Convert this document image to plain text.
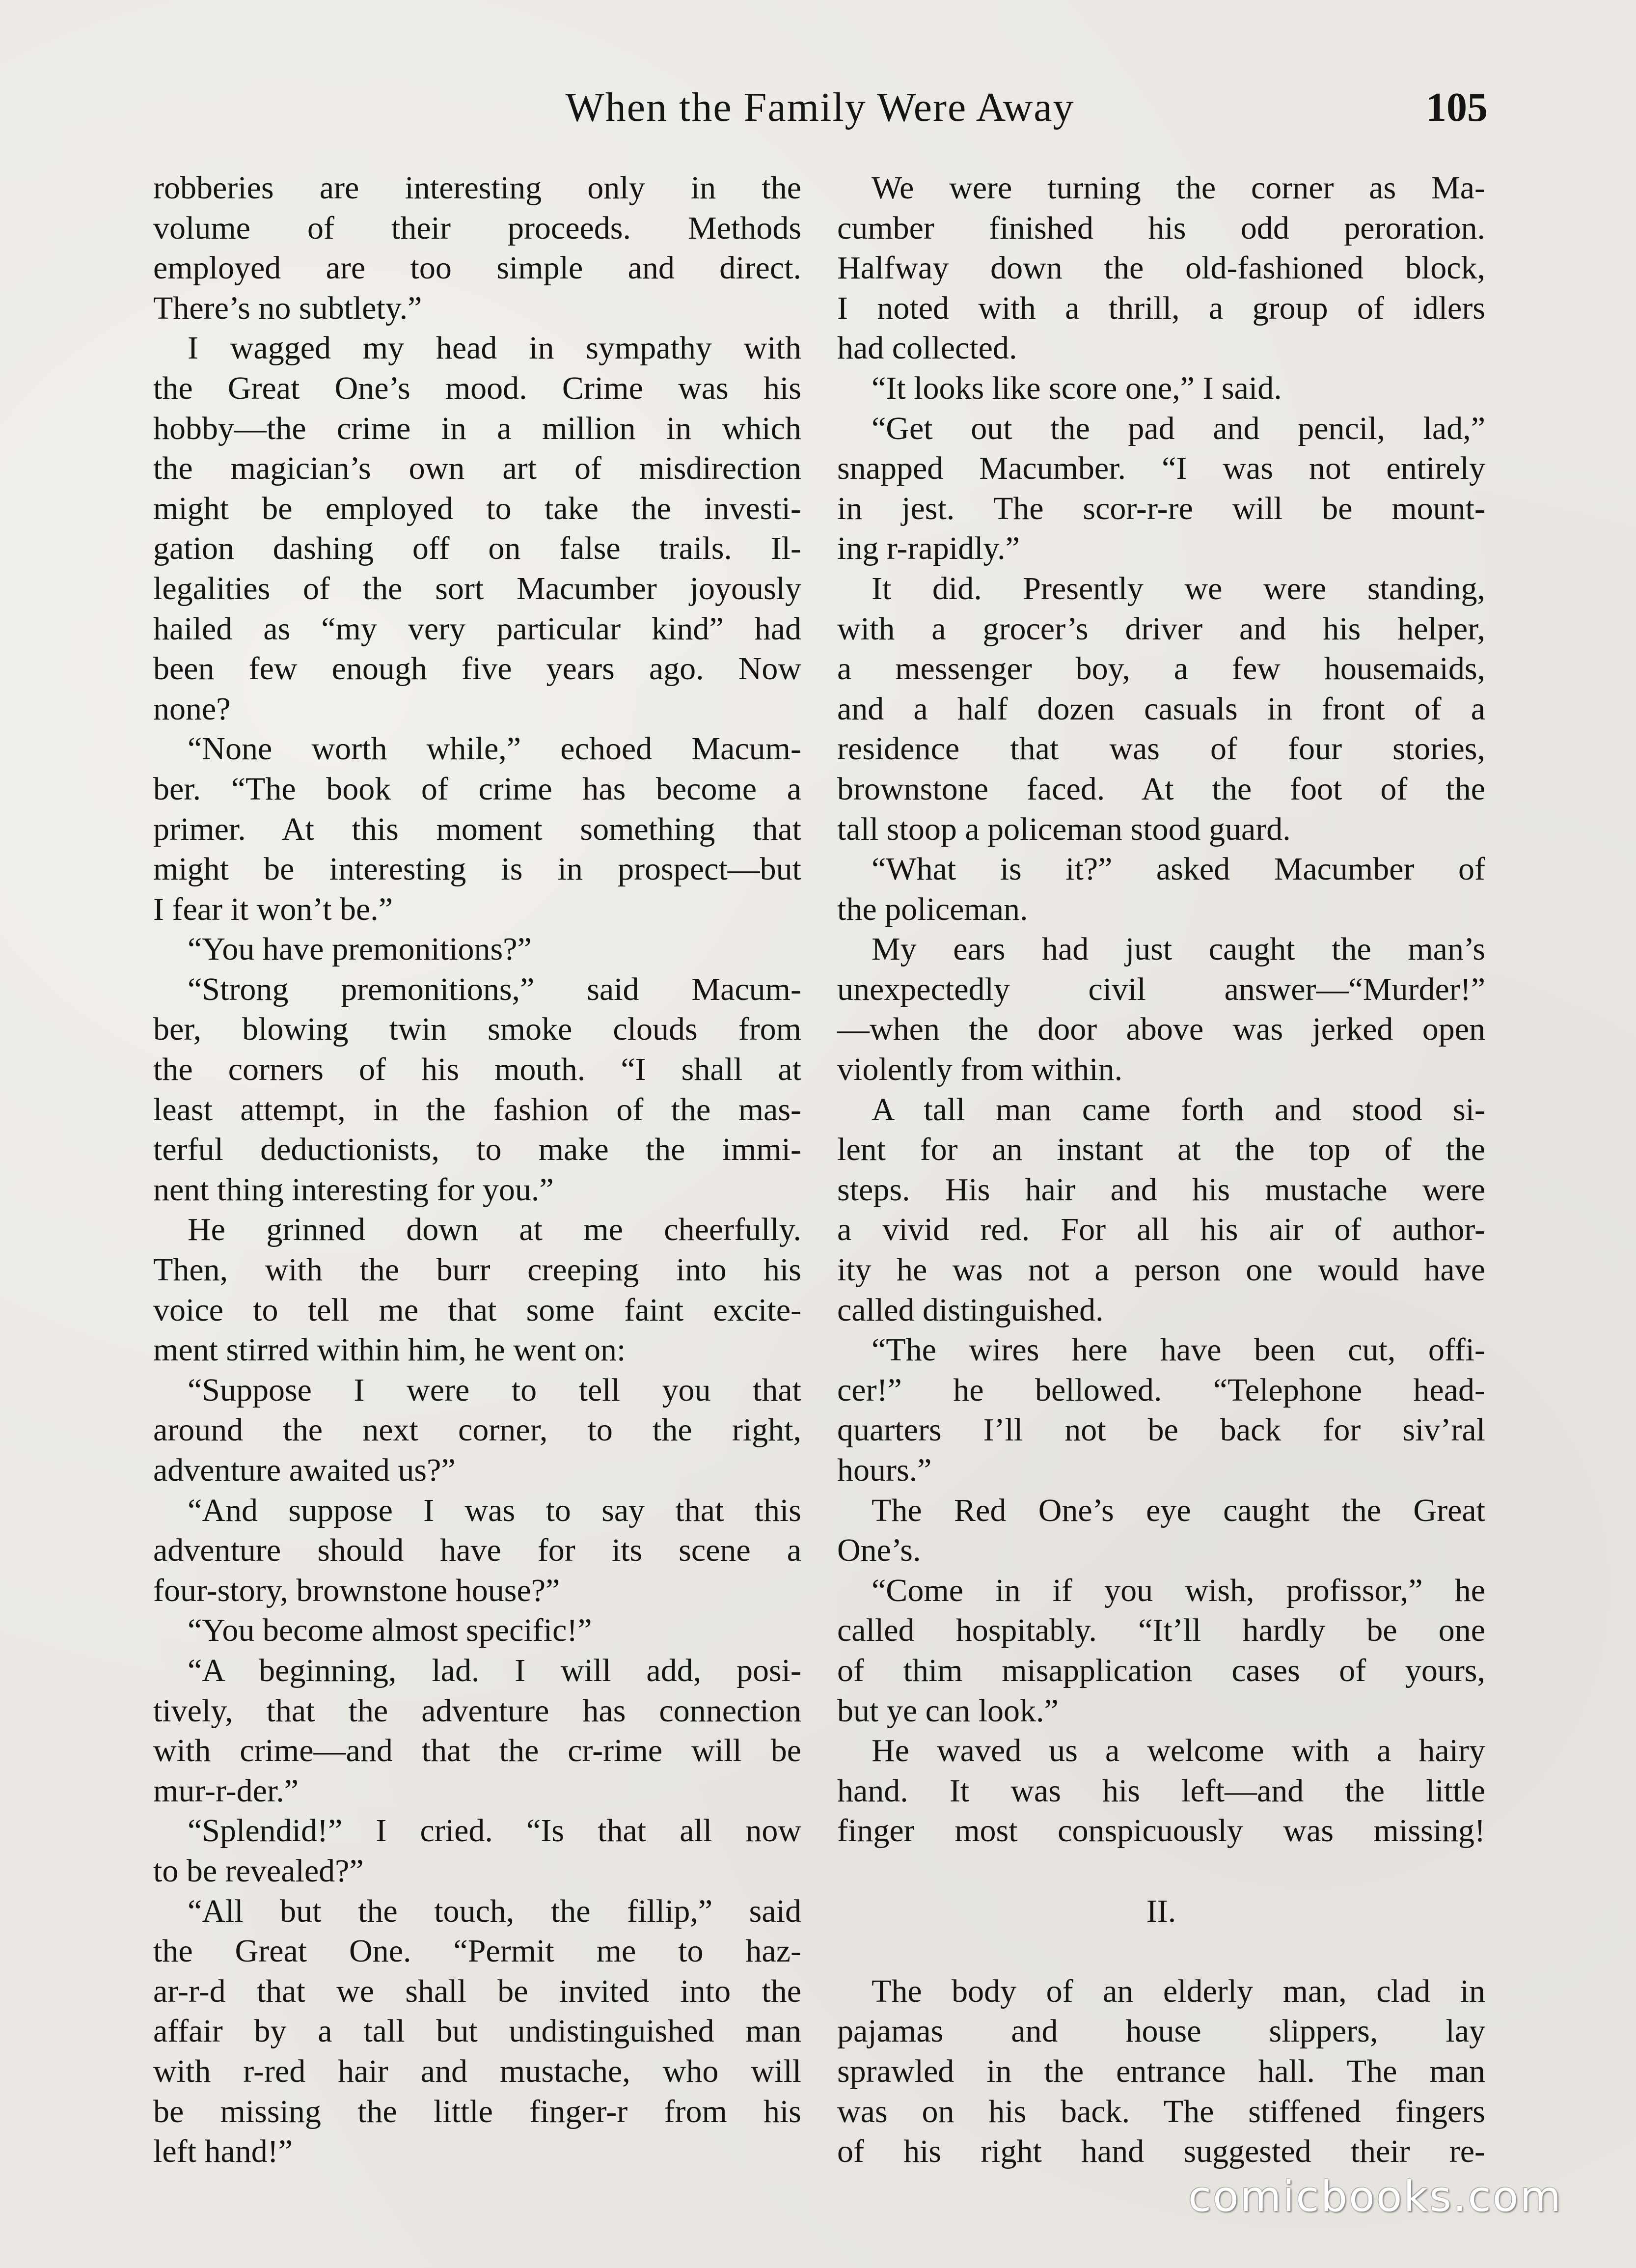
When the Family Were Away	105
robberies are interesting only in the
volume of their proceeds. Methods
employed are too simple and direct.
There’s no subtlety.”
I wagged my head in sympathy with
the Great One’s mood. Crime was his
hobby—the crime in a million in which
the magician’s own art of misdirection
might be employed to take the investi-
gation dashing off on false trails. Il-
legalities of the sort Macumber joyously
hailed as “my very particular kind” had
been few enough five years ago. Now
none?
“None worth while,” echoed Macum-
ber. “The book of crime has become a
primer. At this moment something that
might be interesting is in prospect—but
I fear it won’t be.”
“You have premonitions?”
“Strong premonitions,” said Macum-
ber, blowing twin smoke clouds from
the corners of his mouth. “I shall at
least attempt, in the fashion of the mas-
terful deductionists, to make the immi-
nent thing interesting for you.”
He grinned down at me cheerfully.
Then, with the burr creeping into his
voice to tell me that some faint excite-
ment stirred within him, he went on:
“Suppose I were to tell you that
around the next corner, to the right,
adventure awaited us?”
“And suppose I was to say that this
adventure should have for its scene a
four-story, brownstone house?”
“You become almost specific!”
“A beginning, lad. I will add, posi-
tively, that the adventure has connection
with crime—and that the cr-rime will be
mur-r-der.”
“Splendid!” I cried. “Is that all now
to be revealed?”
“All but the touch, the fillip,” said
the Great One. “Permit me to haz-
ar-r-d that we shall be invited into the
affair by a tall but undistinguished man
with r-red hair and mustache, who will
be missing the little finger-r from his
left hand!”
We were turning the corner as Ma-
cumber finished his odd peroration.
Halfway down the old-fashioned block,
I noted with a thrill, a group of idlers
had collected.
“It looks like score one,” I said.
“Get out the pad and pencil, lad,”
snapped Macumber. “I was not entirely
in jest. The scor-r-re will be mount-
ing r-rapidly.”
It did. Presently we were standing,
with a grocer’s driver and his helper,
a messenger boy, a few housemaids,
and a half dozen casuals in front of a
residence that was of four stories,
brownstone faced. At the foot of the
tall stoop a policeman stood guard.
“What is it?” asked Macumber of
the policeman.
My ears had just caught the man’s
unexpectedly civil answer—“Murder!”
—when the door above was jerked open
violently from within.
A tall man came forth and stood si-
lent for an instant at the top of the
steps. His hair and his mustache were
a vivid red. For all his air of author-
ity he was not a person one would have
called distinguished.
“The wires here have been cut, offi-
cer!” he bellowed. “Telephone head-
quarters I’ll not be back for siv’ral
hours.”
The Red One’s eye caught the Great
One’s.
“Come in if you wish, profissor,” he
called hospitably. “It’ll hardly be one
of thim misapplication cases of yours,
but ye can look.”
He waved us a welcome with a hairy
hand. It was his left—and the little
finger most conspicuously was missing!
II.
The body of an elderly man, clad in
pajamas and house slippers, lay
sprawled in the entrance hall. The man
was on his back. The stiffened fingers
of his right hand suggested their re-
comicbooks.com
